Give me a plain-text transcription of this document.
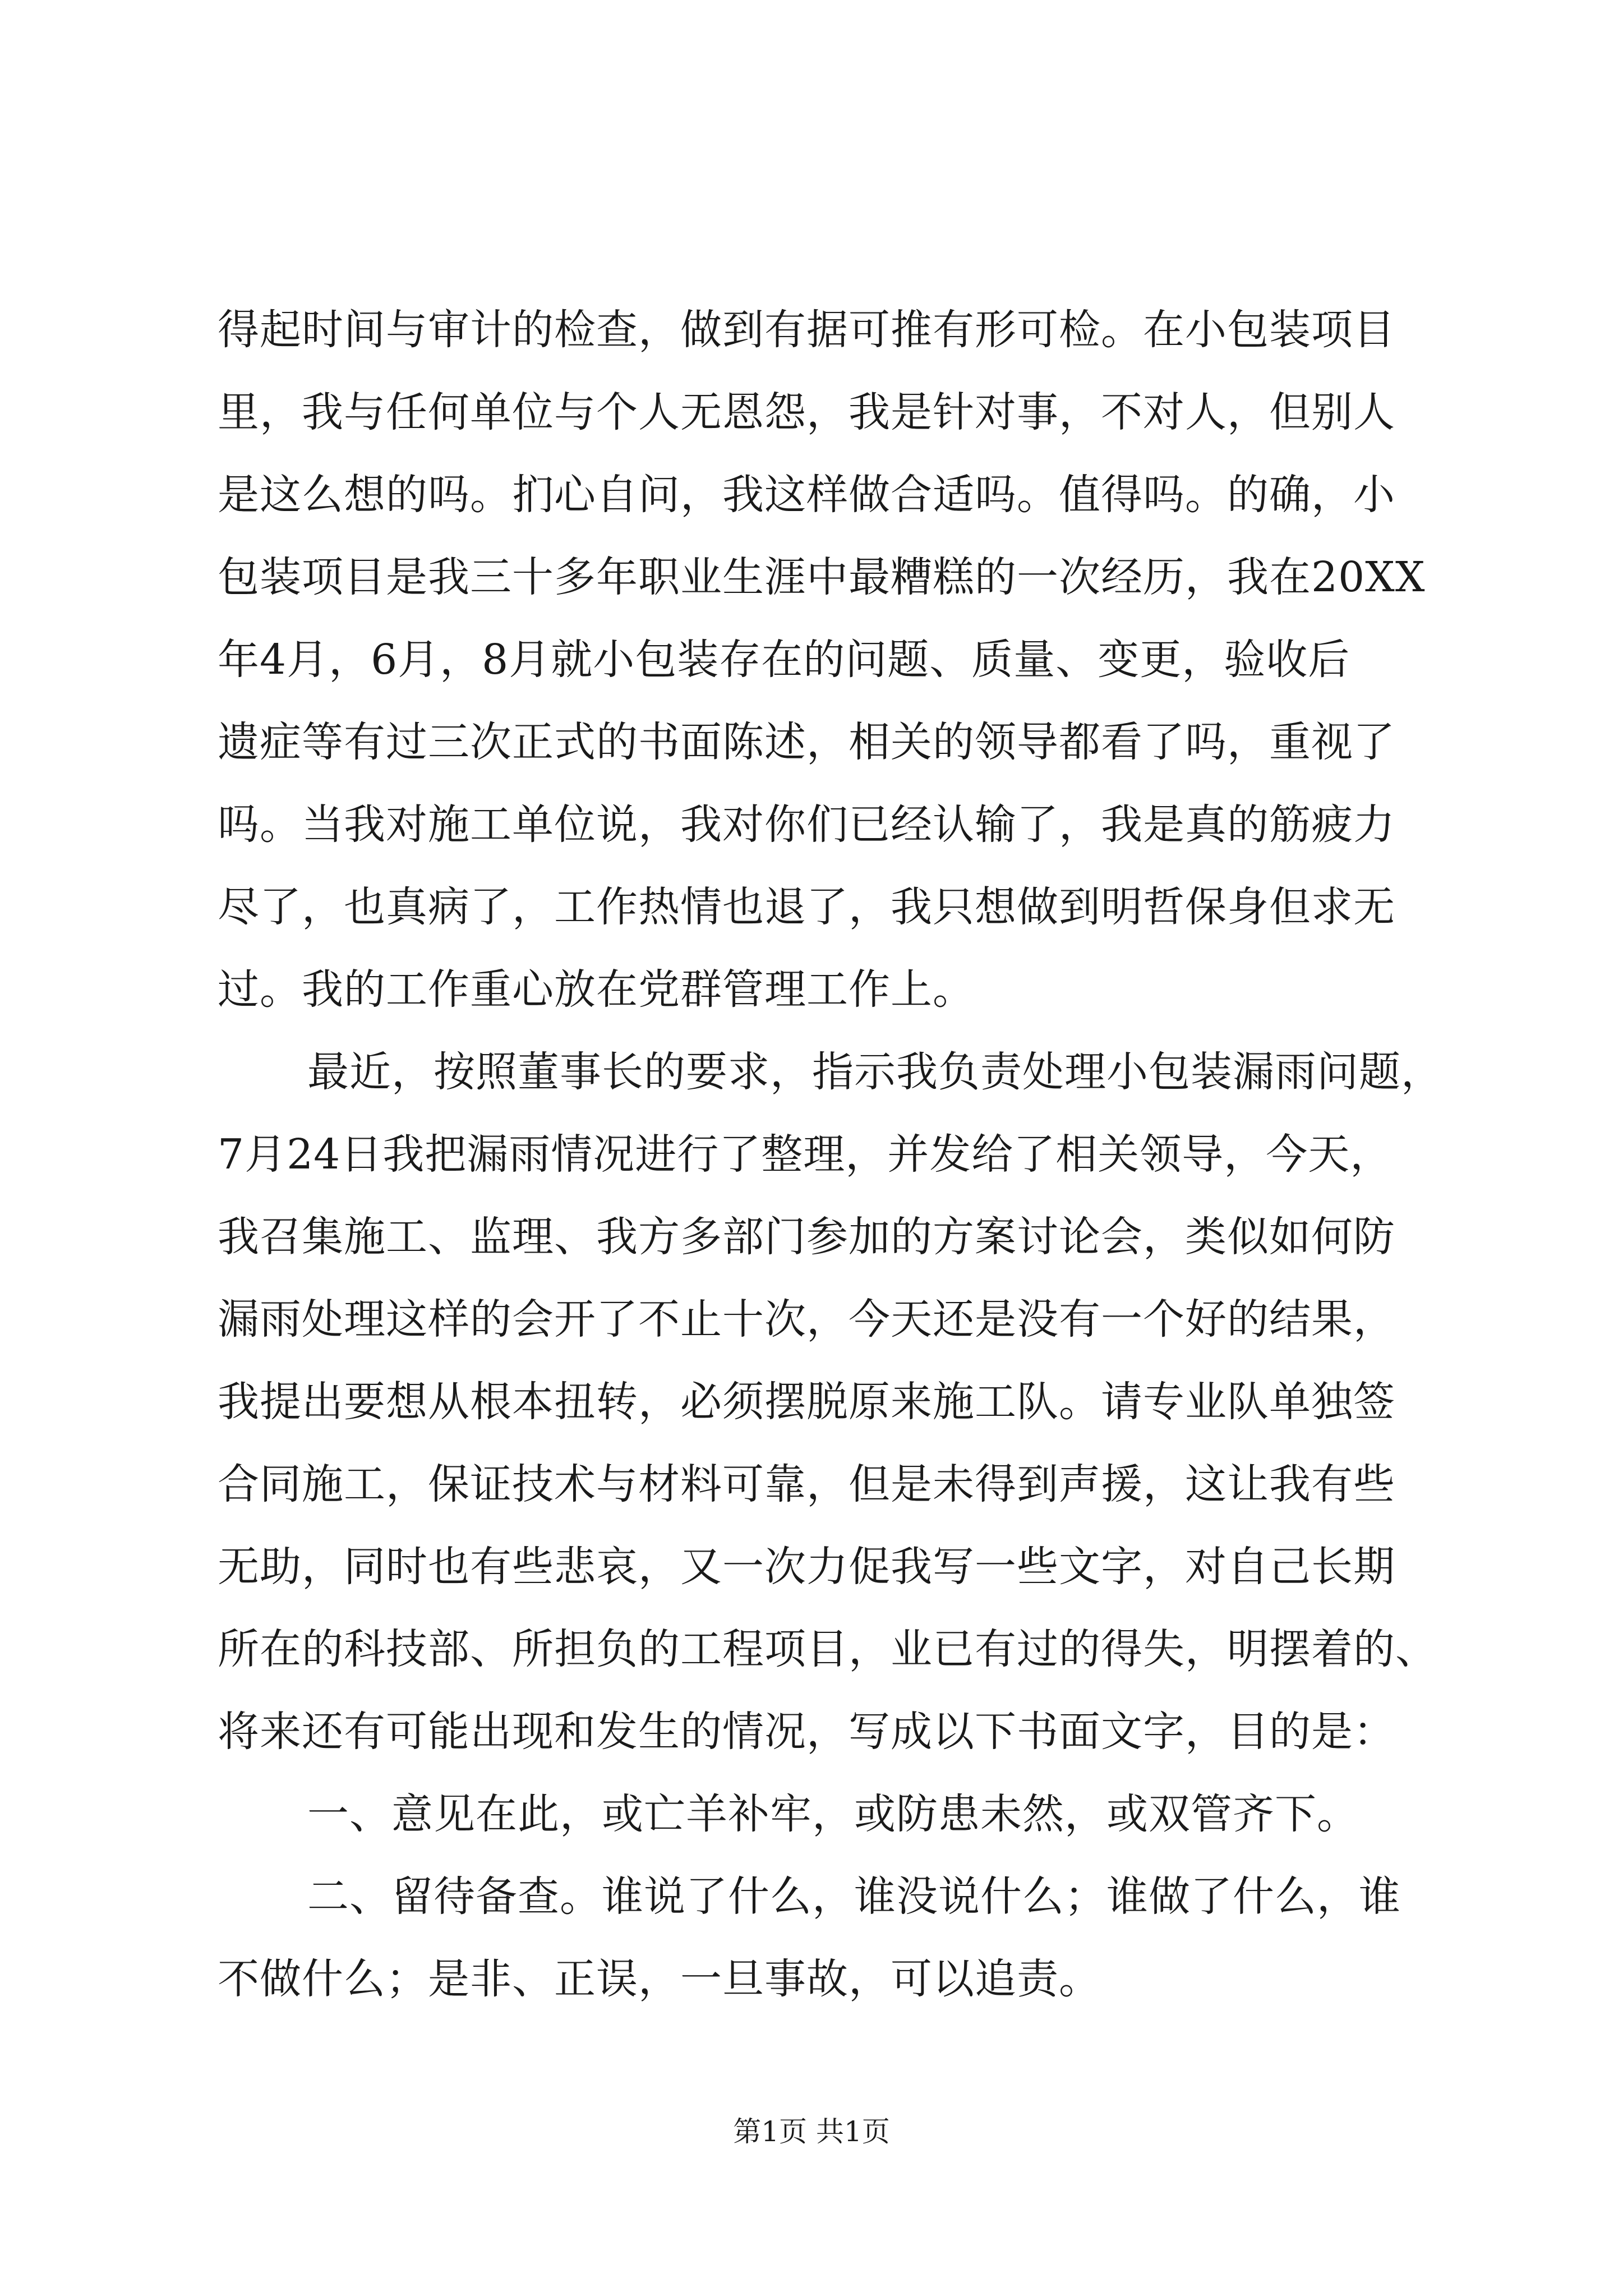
得起时间与审计的检查，做到有据可推有形可检。在小包装项目
里，我与任何单位与个人无恩怨，我是针对事，不对人，但别人
是这么想的吗。扪心自问，我这样做合适吗。值得吗。的确，小
包装项目是我三十多年职业生涯中最糟糕的一次经历，我在20XX
年4月，6月，8月就小包装存在的问题、质量、变更，验收后
遗症等有过三次正式的书面陈述，相关的领导都看了吗，重视了
吗。当我对施工单位说，我对你们已经认输了，我是真的筋疲力
尽了，也真病了，工作热情也退了，我只想做到明哲保身但求无
过。我的工作重心放在党群管理工作上。
最近，按照董事长的要求，指示我负责处理小包装漏雨问题，
7月24日我把漏雨情况进行了整理，并发给了相关领导，今天，
我召集施工、监理、我方多部门参加的方案讨论会，类似如何防
漏雨处理这样的会开了不止十次，今天还是没有一个好的结果，
我提出要想从根本扭转，必须摆脱原来施工队。请专业队单独签
合同施工，保证技术与材料可靠，但是未得到声援，这让我有些
无助，同时也有些悲哀，又一次力促我写一些文字，对自己长期
所在的科技部、所担负的工程项目，业已有过的得失，明摆着的、
将来还有可能出现和发生的情况，写成以下书面文字，目的是：
一、意见在此，或亡羊补牢，或防患未然，或双管齐下。
二、留待备查。谁说了什么，谁没说什么；谁做了什么，谁
不做什么；是非、正误，一旦事故，可以追责。
第1页 共1页
